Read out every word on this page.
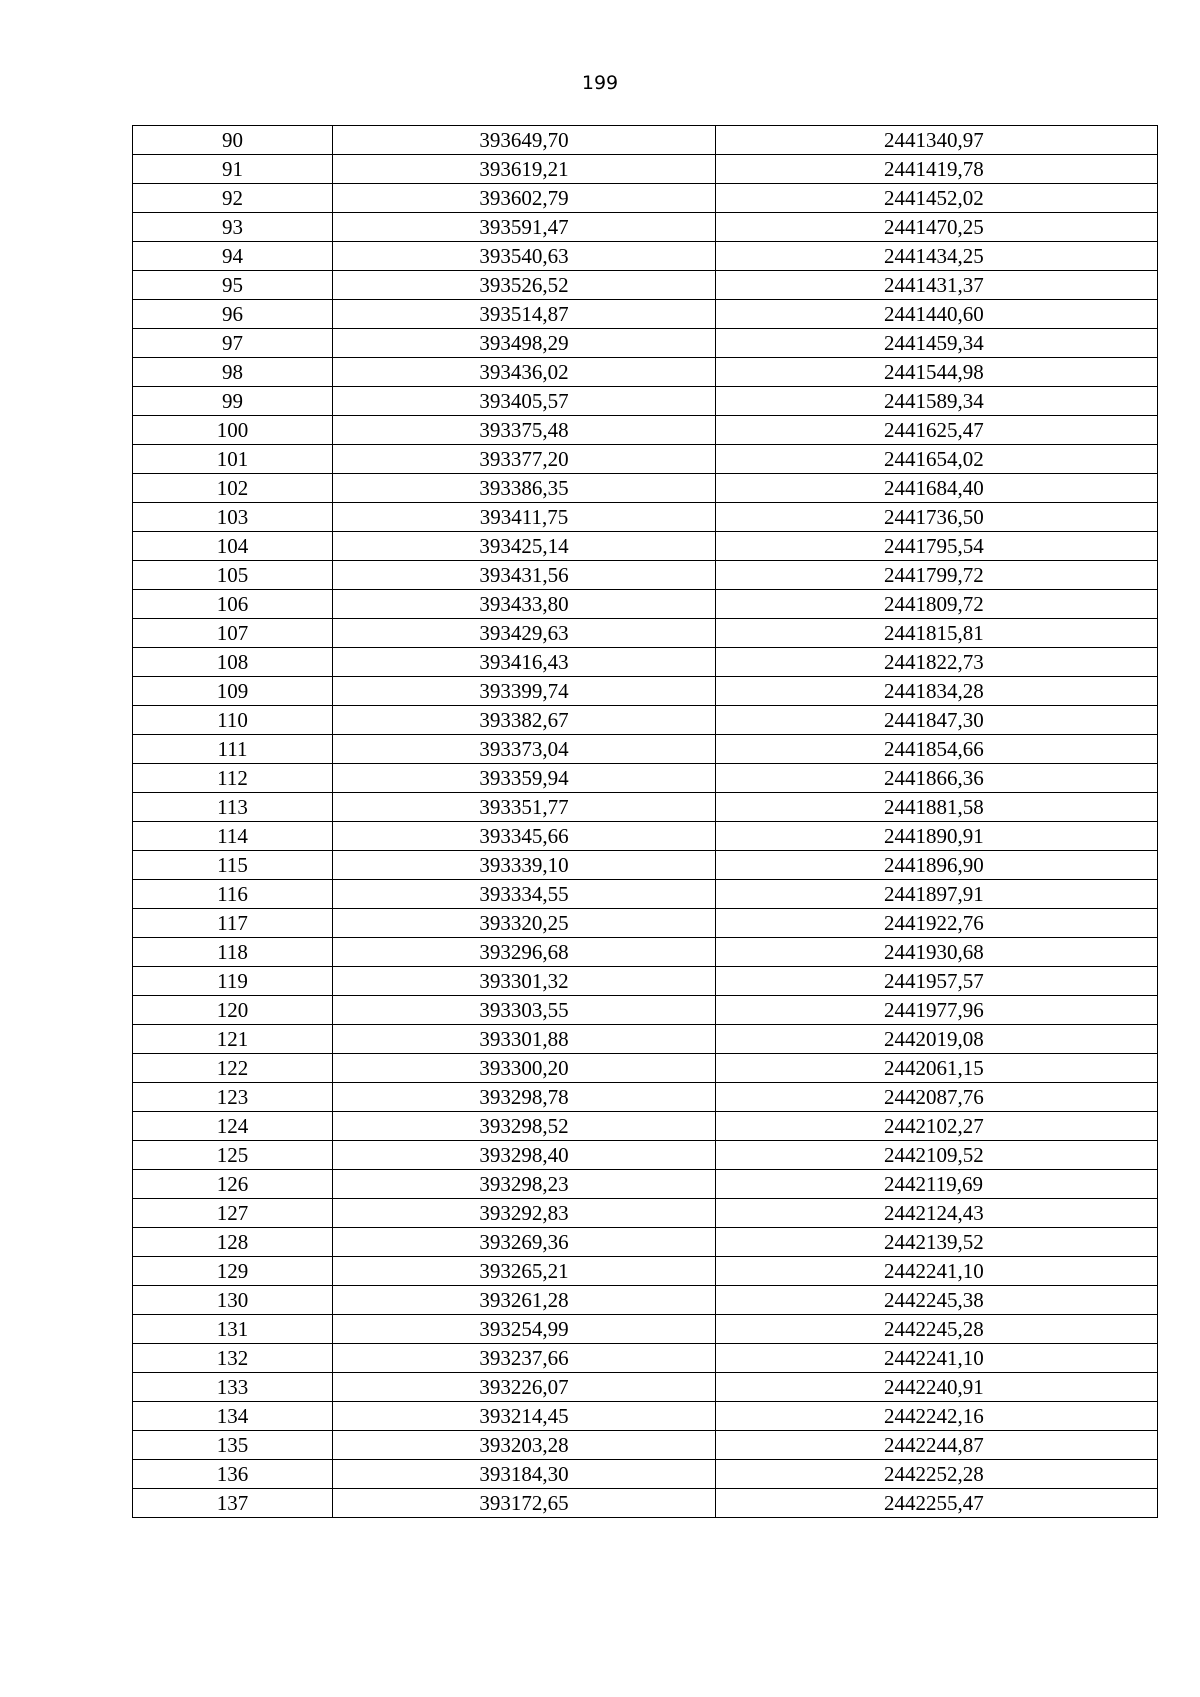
199
90	393649,70	2441340,97
91	393619,21	2441419,78
92	393602,79	2441452,02
93	393591,47	2441470,25
94	393540,63	2441434,25
95	393526,52	2441431,37
96	393514,87	2441440,60
97	393498,29	2441459,34
98	393436,02	2441544,98
99	393405,57	2441589,34
100	393375,48	2441625,47
101	393377,20	2441654,02
102	393386,35	2441684,40
103	393411,75	2441736,50
104	393425,14	2441795,54
105	393431,56	2441799,72
106	393433,80	2441809,72
107	393429,63	2441815,81
108	393416,43	2441822,73
109	393399,74	2441834,28
110	393382,67	2441847,30
111	393373,04	2441854,66
112	393359,94	2441866,36
113	393351,77	2441881,58
114	393345,66	2441890,91
115	393339,10	2441896,90
116	393334,55	2441897,91
117	393320,25	2441922,76
118	393296,68	2441930,68
119	393301,32	2441957,57
120	393303,55	2441977,96
121	393301,88	2442019,08
122	393300,20	2442061,15
123	393298,78	2442087,76
124	393298,52	2442102,27
125	393298,40	2442109,52
126	393298,23	2442119,69
127	393292,83	2442124,43
128	393269,36	2442139,52
129	393265,21	2442241,10
130	393261,28	2442245,38
131	393254,99	2442245,28
132	393237,66	2442241,10
133	393226,07	2442240,91
134	393214,45	2442242,16
135	393203,28	2442244,87
136	393184,30	2442252,28
137	393172,65	2442255,47
